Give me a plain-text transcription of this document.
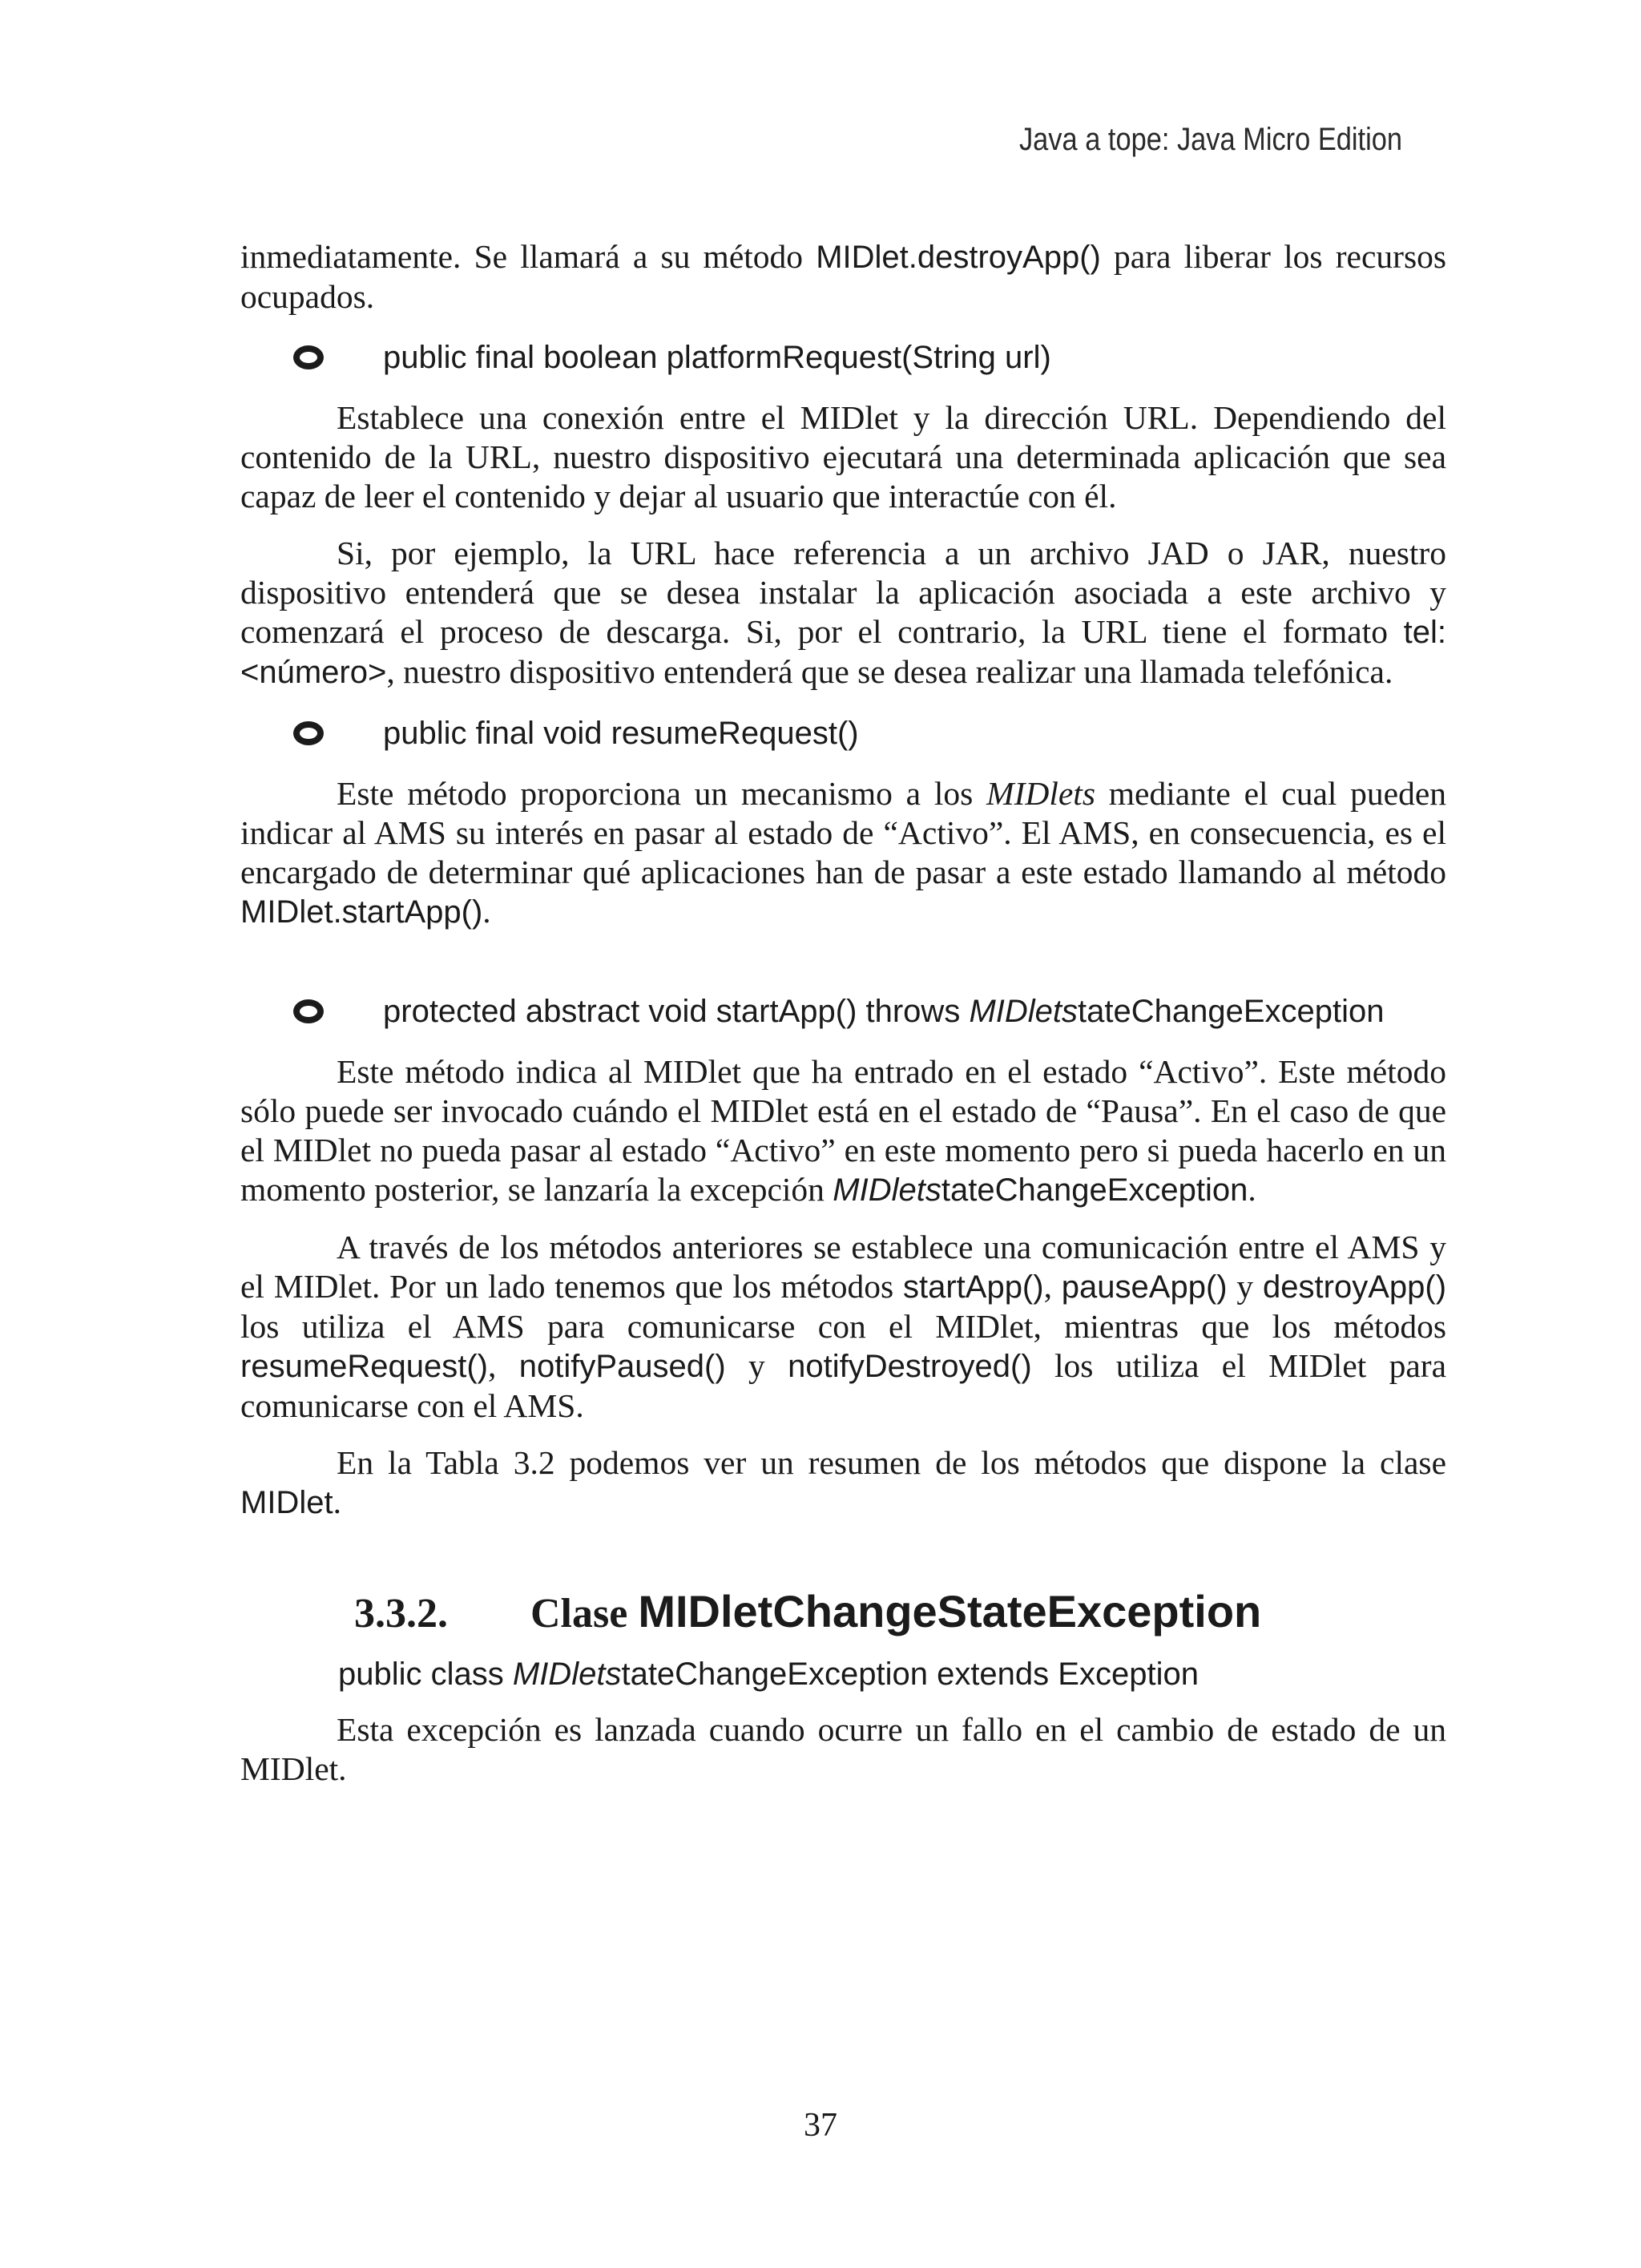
Java a tope: Java Micro Edition

inmediatamente. Se llamará a su método MIDlet.destroyApp() para liberar los recursos ocupados.

public final boolean platformRequest(String url)

Establece una conexión entre el MIDlet y la dirección URL. Dependiendo del contenido de la URL, nuestro dispositivo ejecutará una determinada aplicación que sea capaz de leer el contenido y dejar al usuario que interactúe con él.

Si, por ejemplo, la URL hace referencia a un archivo JAD o JAR, nuestro dispositivo entenderá que se desea instalar la aplicación asociada a este archivo y comenzará el proceso de descarga. Si, por el contrario, la URL tiene el formato tel:<número>, nuestro dispositivo entenderá que se desea realizar una llamada telefónica.

public final void resumeRequest()

Este método proporciona un mecanismo a los MIDlets mediante el cual pueden indicar al AMS su interés en pasar al estado de “Activo”. El AMS, en consecuencia, es el encargado de determinar qué aplicaciones han de pasar a este estado llamando al método MIDlet.startApp().

protected abstract void startApp() throws MIDletstateChangeException

Este método indica al MIDlet que ha entrado en el estado “Activo”. Este método sólo puede ser invocado cuándo el MIDlet está en el estado de “Pausa”. En el caso de que el MIDlet no pueda pasar al estado “Activo” en este momento pero si pueda hacerlo en un momento posterior, se lanzaría la excepción MIDletstateChangeException.

A través de los métodos anteriores se establece una comunicación entre el AMS y el MIDlet. Por un lado tenemos que los métodos startApp(), pauseApp() y destroyApp() los utiliza el AMS para comunicarse con el MIDlet, mientras que los métodos resumeRequest(), notifyPaused() y notifyDestroyed() los utiliza el MIDlet para comunicarse con el AMS.

En la Tabla 3.2 podemos ver un resumen de los métodos que dispone la clase MIDlet.

3.3.2.	Clase MIDletChangeStateException
public class MIDletstateChangeException extends Exception

Esta excepción es lanzada cuando ocurre un fallo en el cambio de estado de un MIDlet.

37
